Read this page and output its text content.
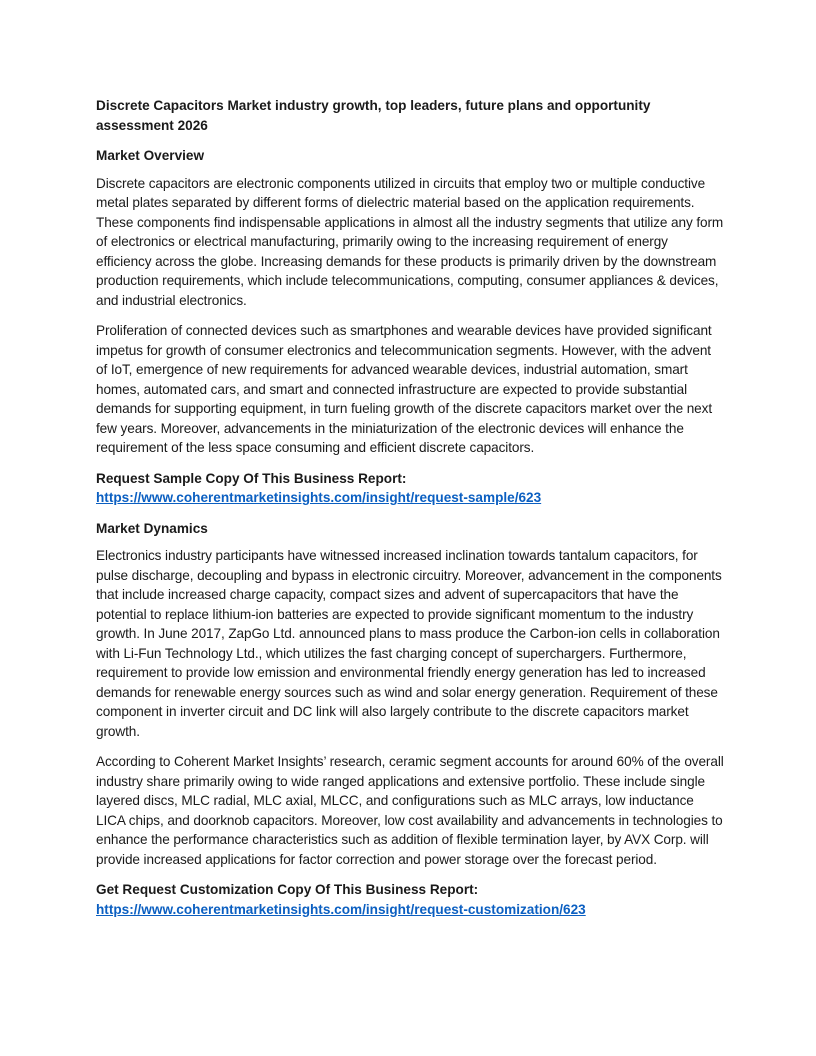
Discrete Capacitors Market industry growth, top leaders, future plans and opportunity assessment 2026
Market Overview

Discrete capacitors are electronic components utilized in circuits that employ two or multiple conductive metal plates separated by different forms of dielectric material based on the application requirements. These components find indispensable applications in almost all the industry segments that utilize any form of electronics or electrical manufacturing, primarily owing to the increasing requirement of energy efficiency across the globe. Increasing demands for these products is primarily driven by the downstream production requirements, which include telecommunications, computing, consumer appliances & devices, and industrial electronics.

Proliferation of connected devices such as smartphones and wearable devices have provided significant impetus for growth of consumer electronics and telecommunication segments. However, with the advent of IoT, emergence of new requirements for advanced wearable devices, industrial automation, smart homes, automated cars, and smart and connected infrastructure are expected to provide substantial demands for supporting equipment, in turn fueling growth of the discrete capacitors market over the next few years. Moreover, advancements in the miniaturization of the electronic devices will enhance the requirement of the less space consuming and efficient discrete capacitors.

Request Sample Copy Of This Business Report:
https://www.coherentmarketinsights.com/insight/request-sample/623
Market Dynamics

Electronics industry participants have witnessed increased inclination towards tantalum capacitors, for pulse discharge, decoupling and bypass in electronic circuitry. Moreover, advancement in the components that include increased charge capacity, compact sizes and advent of supercapacitors that have the potential to replace lithium-ion batteries are expected to provide significant momentum to the industry growth. In June 2017, ZapGo Ltd. announced plans to mass produce the Carbon-ion cells in collaboration with Li-Fun Technology Ltd., which utilizes the fast charging concept of superchargers. Furthermore, requirement to provide low emission and environmental friendly energy generation has led to increased demands for renewable energy sources such as wind and solar energy generation. Requirement of these component in inverter circuit and DC link will also largely contribute to the discrete capacitors market growth.

According to Coherent Market Insights’ research, ceramic segment accounts for around 60% of the overall industry share primarily owing to wide ranged applications and extensive portfolio. These include single layered discs, MLC radial, MLC axial, MLCC, and configurations such as MLC arrays, low inductance LICA chips, and doorknob capacitors. Moreover, low cost availability and advancements in technologies to enhance the performance characteristics such as addition of flexible termination layer, by AVX Corp. will provide increased applications for factor correction and power storage over the forecast period.

Get Request Customization Copy Of This Business Report:
https://www.coherentmarketinsights.com/insight/request-customization/623
